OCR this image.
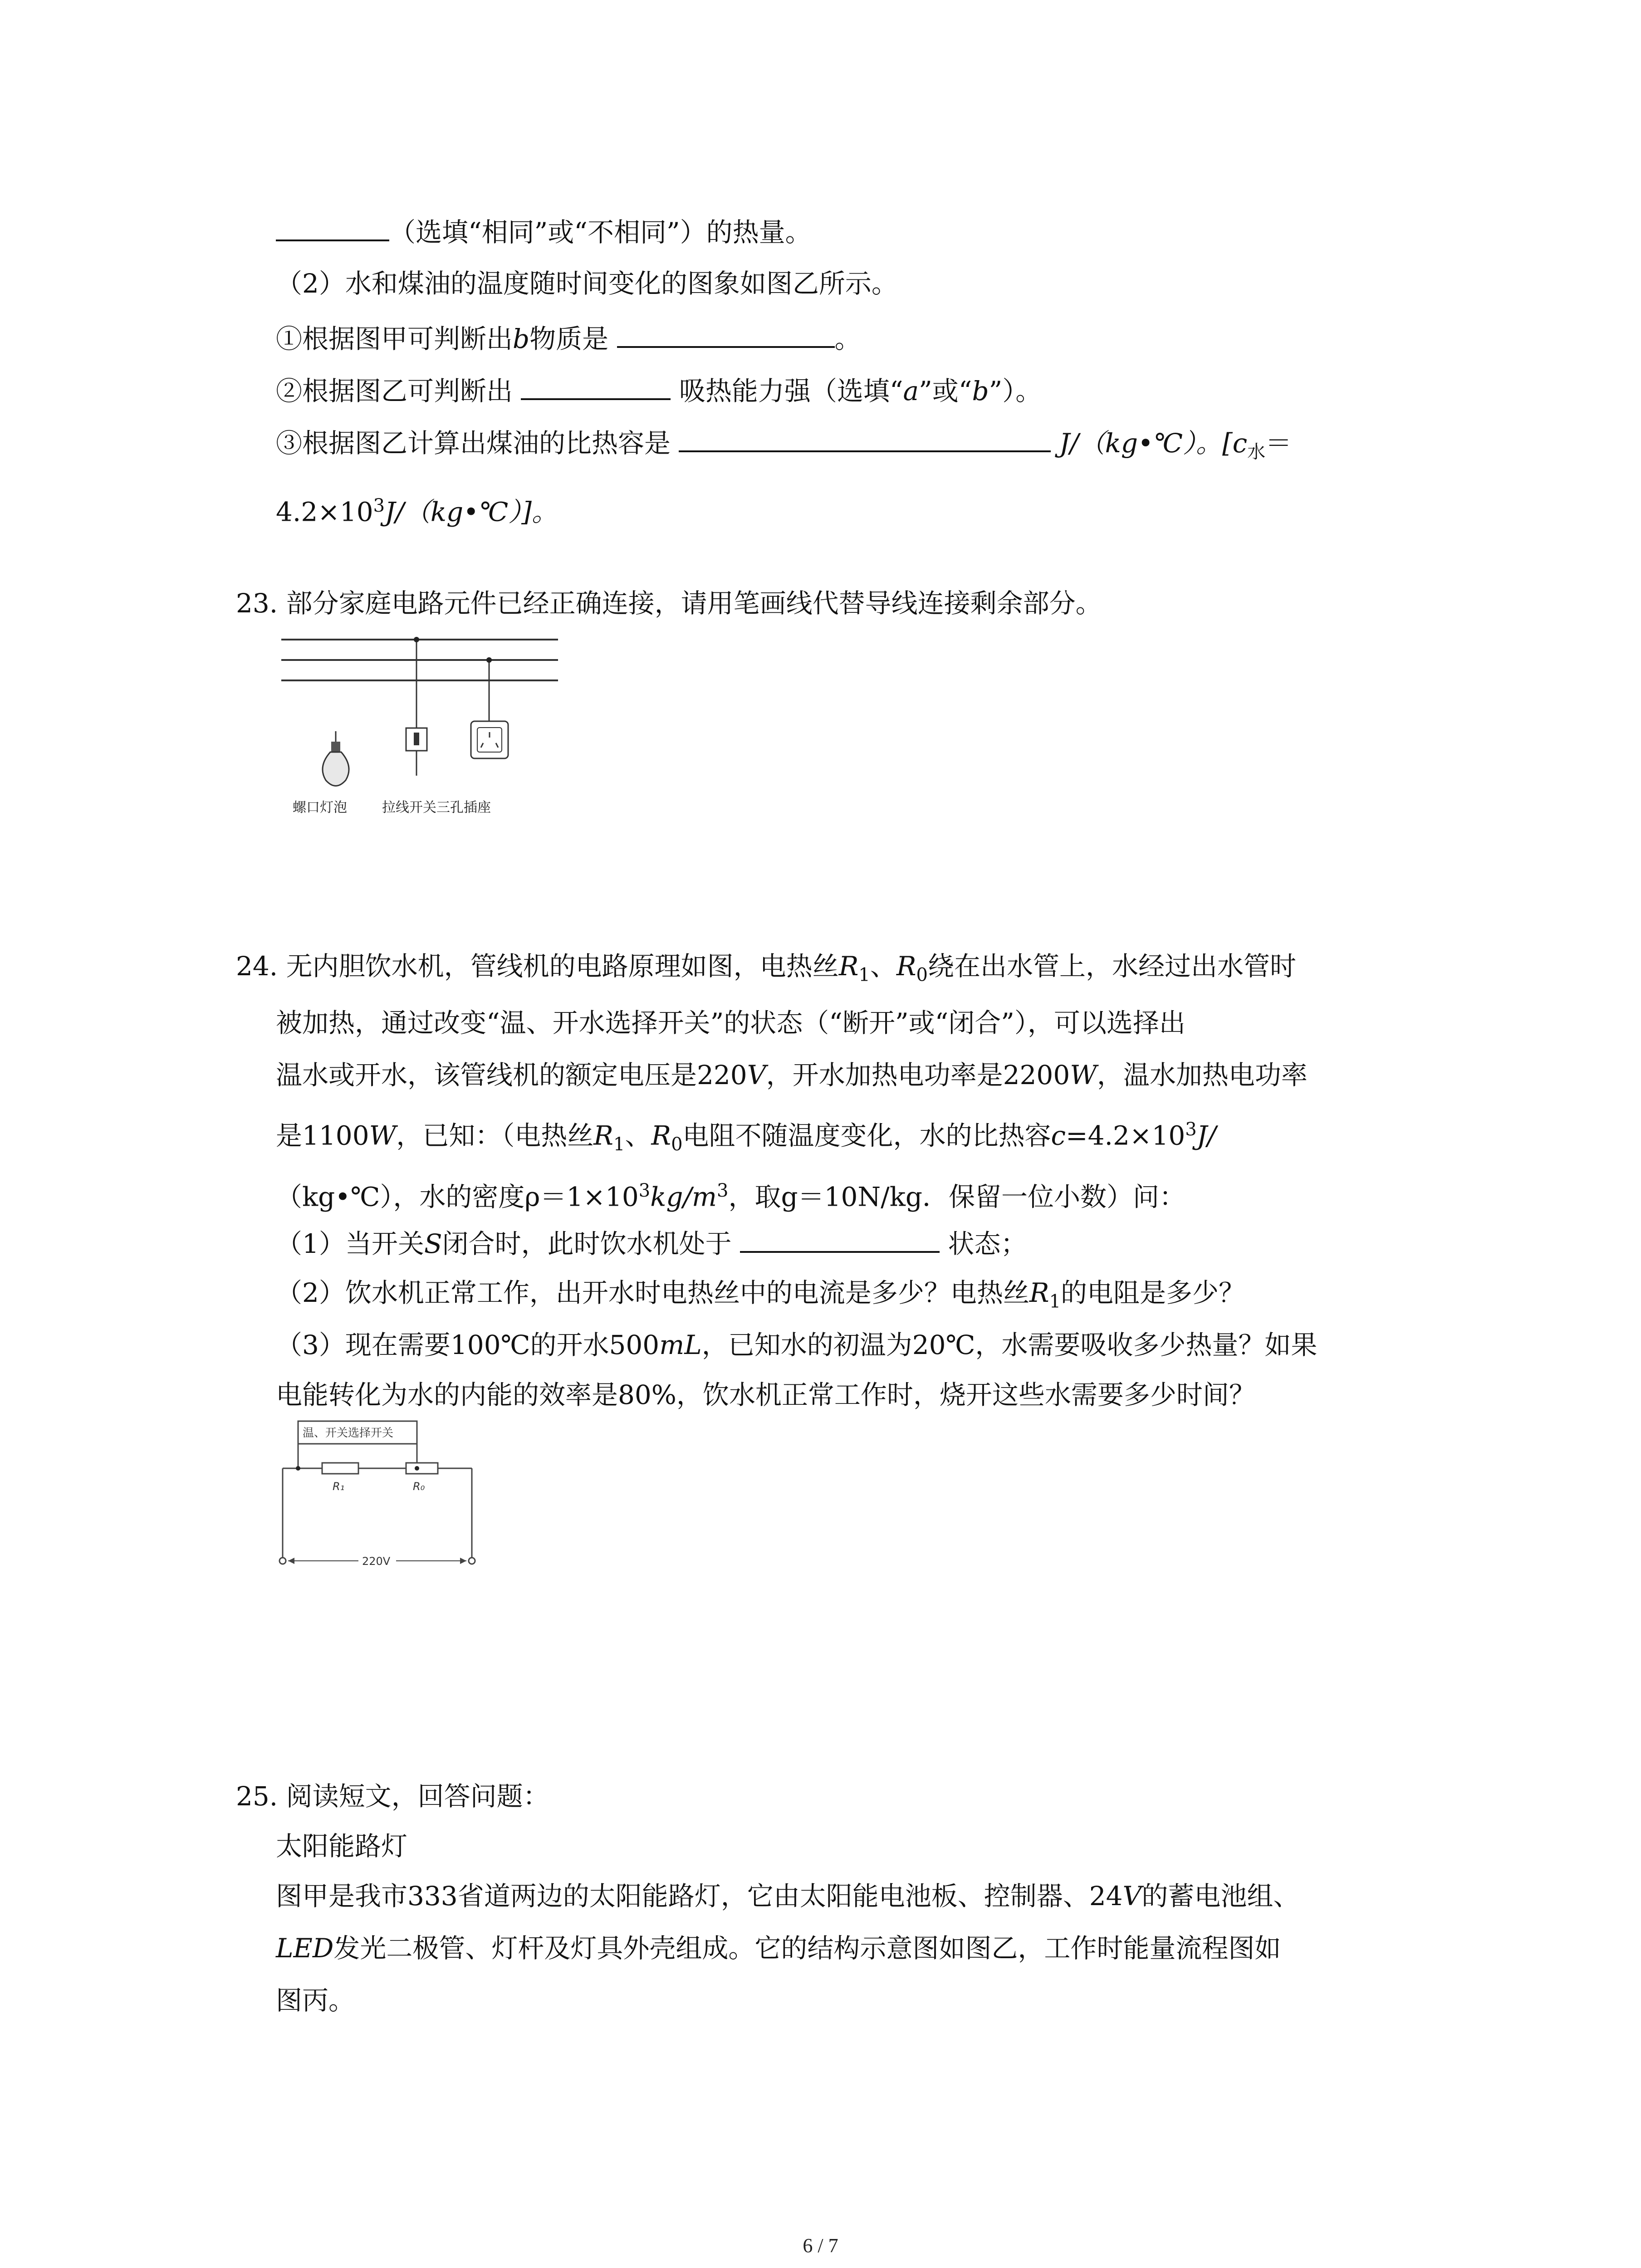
（选填“相同”或“不相同”）的热量。
（2）水和煤油的温度随时间变化的图象如图乙所示。
①根据图甲可判断出b物质是	。
②根据图乙可判断出	吸热能力强（选填“a”或“b”）。
③根据图乙计算出煤油的比热容是	J/（kg•℃）。[$c_水=$
$4.2\times 10^3J/(kg•℃)$]。
23. 部分家庭电路元件已经正确连接，请用笔画线代替导线连接剩余部分。
螺口灯泡	拉线开关三孔插座
24. 无内胆饮水机，管线机的电路原理如图，电热丝$R_1$、$R_0$绕在出水管上，水经过出水管时
被加热，通过改变“温、开水选择开关”的状态（“断开”或“闭合”），可以选择出
温水或开水，该管线机的额定电压是220V，开水加热电功率是2200W，温水加热电功率
是1100W，已知：（电热丝$R_1$、$R_0$电阻不随温度变化，水的比热容$c=4.2\times 10^3J/$
（kg•℃），水的密度$\rho=1\times 10^3kg/m^3$，取g＝10N/kg．保留一位小数）问：
（1）当开关S闭合时，此时饮水机处于	状态；
（2）饮水机正常工作，出开水时电热丝中的电流是多少？电热丝$R_1$的电阻是多少？
（3）现在需要100℃的开水500mL，已知水的初温为20℃，水需要吸收多少热量？如果
电能转化为水的内能的效率是80%，饮水机正常工作时，烧开这些水需要多少时间？
温、开关选择开关
R₁	R₀
220V
25. 阅读短文，回答问题：
太阳能路灯
图甲是我市333省道两边的太阳能路灯，它由太阳能电池板、控制器、24V的蓄电池组、
LED发光二极管、灯杆及灯具外壳组成。它的结构示意图如图乙，工作时能量流程图如
图丙。
6 / 7
